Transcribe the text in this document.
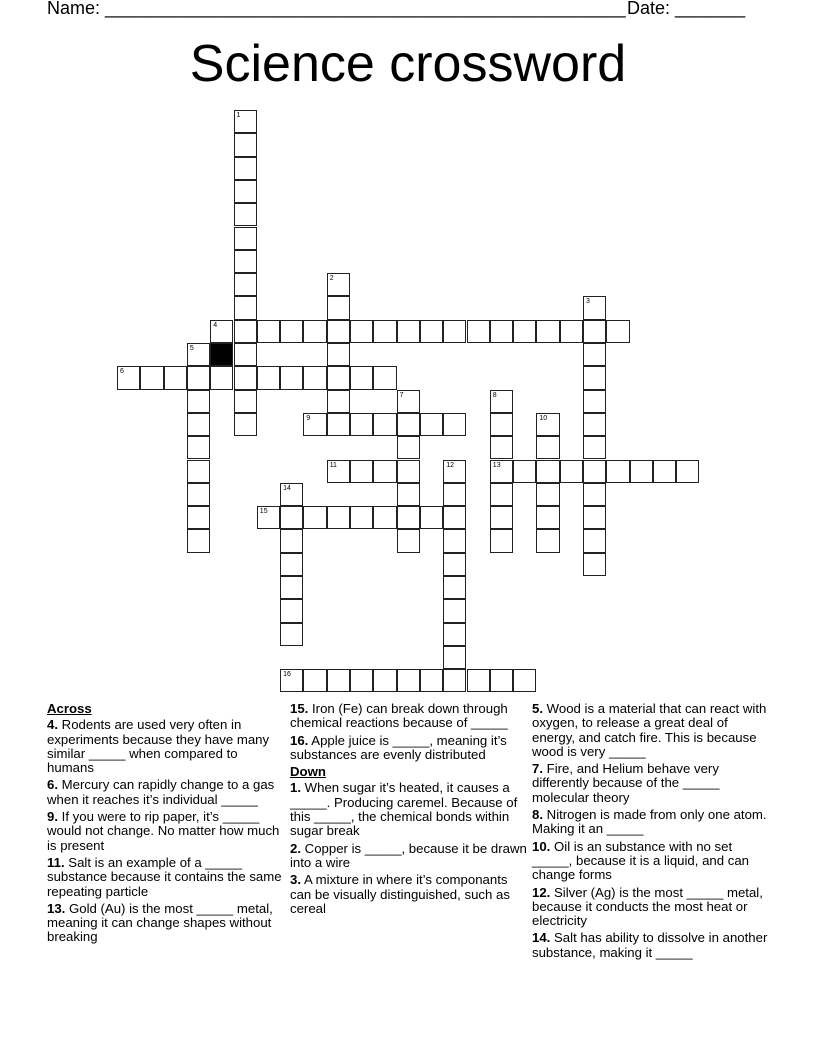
Name: ____________________________________________________ Date: _______
Science crossword
1
2
3
4
5
6
7	8
13
9	10
11	12
14
15
16
Across
4. Rodents are used very often in experiments because they have many similar _____ when compared to humans
6. Mercury can rapidly change to a gas when it reaches it’s individual _____
9. If you were to rip paper, it’s _____ would not change. No matter how much is present
11. Salt is an example of a _____ substance because it contains the same repeating particle
13. Gold (Au) is the most _____ metal, meaning it can change shapes without breaking
15. Iron (Fe) can break down through chemical reactions because of _____
16. Apple juice is _____, meaning it’s substances are evenly distributed
Down
1. When sugar it’s heated, it causes a _____. Producing caremel. Because of this _____, the chemical bonds within sugar break
2. Copper is _____, because it be drawn into a wire
3. A mixture in where it’s componants can be visually distinguished, such as cereal
5. Wood is a material that can react with oxygen, to release a great deal of energy, and catch fire. This is because wood is very _____
7. Fire, and Helium behave very differently because of the _____ molecular theory
8. Nitrogen is made from only one atom. Making it an _____
10. Oil is an substance with no set _____, because it is a liquid, and can change forms
12. Silver (Ag) is the most _____ metal, because it conducts the most heat or electricity
14. Salt has ability to dissolve in another substance, making it _____
